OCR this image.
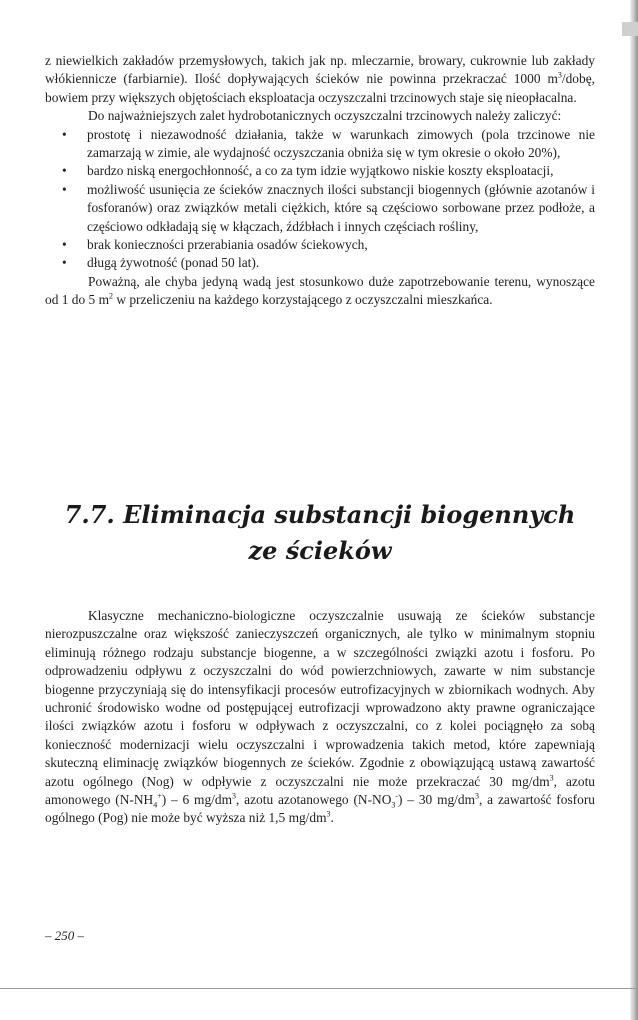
z niewielkich zakładów przemysłowych, takich jak np. mleczarnie, browary, cukrownie lub zakłady włókiennicze (farbiarnie). Ilość dopływających ścieków nie powinna przekraczać 1000 $m^3$/dobę, bowiem przy większych objętościach eksploatacja oczyszczalni trzcinowych staje się nieopłacalna.

Do najważniejszych zalet hydrobotanicznych oczyszczalni trzcinowych należy zaliczyć:

• prostotę i niezawodność działania, także w warunkach zimowych (pola trzcinowe nie zamarzają w zimie, ale wydajność oczyszczania obniża się w tym okresie o około 20%),
• bardzo niską energochłonność, a co za tym idzie wyjątkowo niskie koszty eksploatacji,
• możliwość usunięcia ze ścieków znacznych ilości substancji biogennych (głównie azotanów i fosforanów) oraz związków metali ciężkich, które są częściowo sorbowane przez podłoże, a częściowo odkładają się w kłączach, źdźbłach i innych częściach rośliny,
• brak konieczności przerabiania osadów ściekowych,
• długą żywotność (ponad 50 lat).

Poważną, ale chyba jedyną wadą jest stosunkowo duże zapotrzebowanie terenu, wynoszące od 1 do 5 $m^2$ w przeliczeniu na każdego korzystającego z oczyszczalni mieszkańca.

7.7. Eliminacja substancji biogennych
ze ścieków

Klasyczne mechaniczno-biologiczne oczyszczalnie usuwają ze ścieków substancje nierozpuszczalne oraz większość zanieczyszczeń organicznych, ale tylko w minimalnym stopniu eliminują różnego rodzaju substancje biogenne, a w szczególności związki azotu i fosforu. Po odprowadzeniu odpływu z oczyszczalni do wód powierzchniowych, zawarte w nim substancje biogenne przyczyniają się do intensyfikacji procesów eutrofizacyjnych w zbiornikach wodnych. Aby uchronić środowisko wodne od postępującej eutrofizacji wprowadzono akty prawne ograniczające ilości związków azotu i fosforu w odpływach z oczyszczalni, co z kolei pociągnęło za sobą konieczność modernizacji wielu oczyszczalni i wprowadzenia takich metod, które zapewniają skuteczną eliminację związków biogennych ze ścieków. Zgodnie z obowiązującą ustawą zawartość azotu ogólnego (Nog) w odpływie z oczyszczalni nie może przekraczać 30 $mg/dm^3$, azotu amonowego $(N-NH_4^+) - 6$ $mg/dm^3$, azotu azotanowego $(N-NO_3^-) - 30$ $mg/dm^3$, a zawartość fosforu ogólnego (Pog) nie może być wyższa niż 1,5 $mg/dm^3$.

– 250 –
